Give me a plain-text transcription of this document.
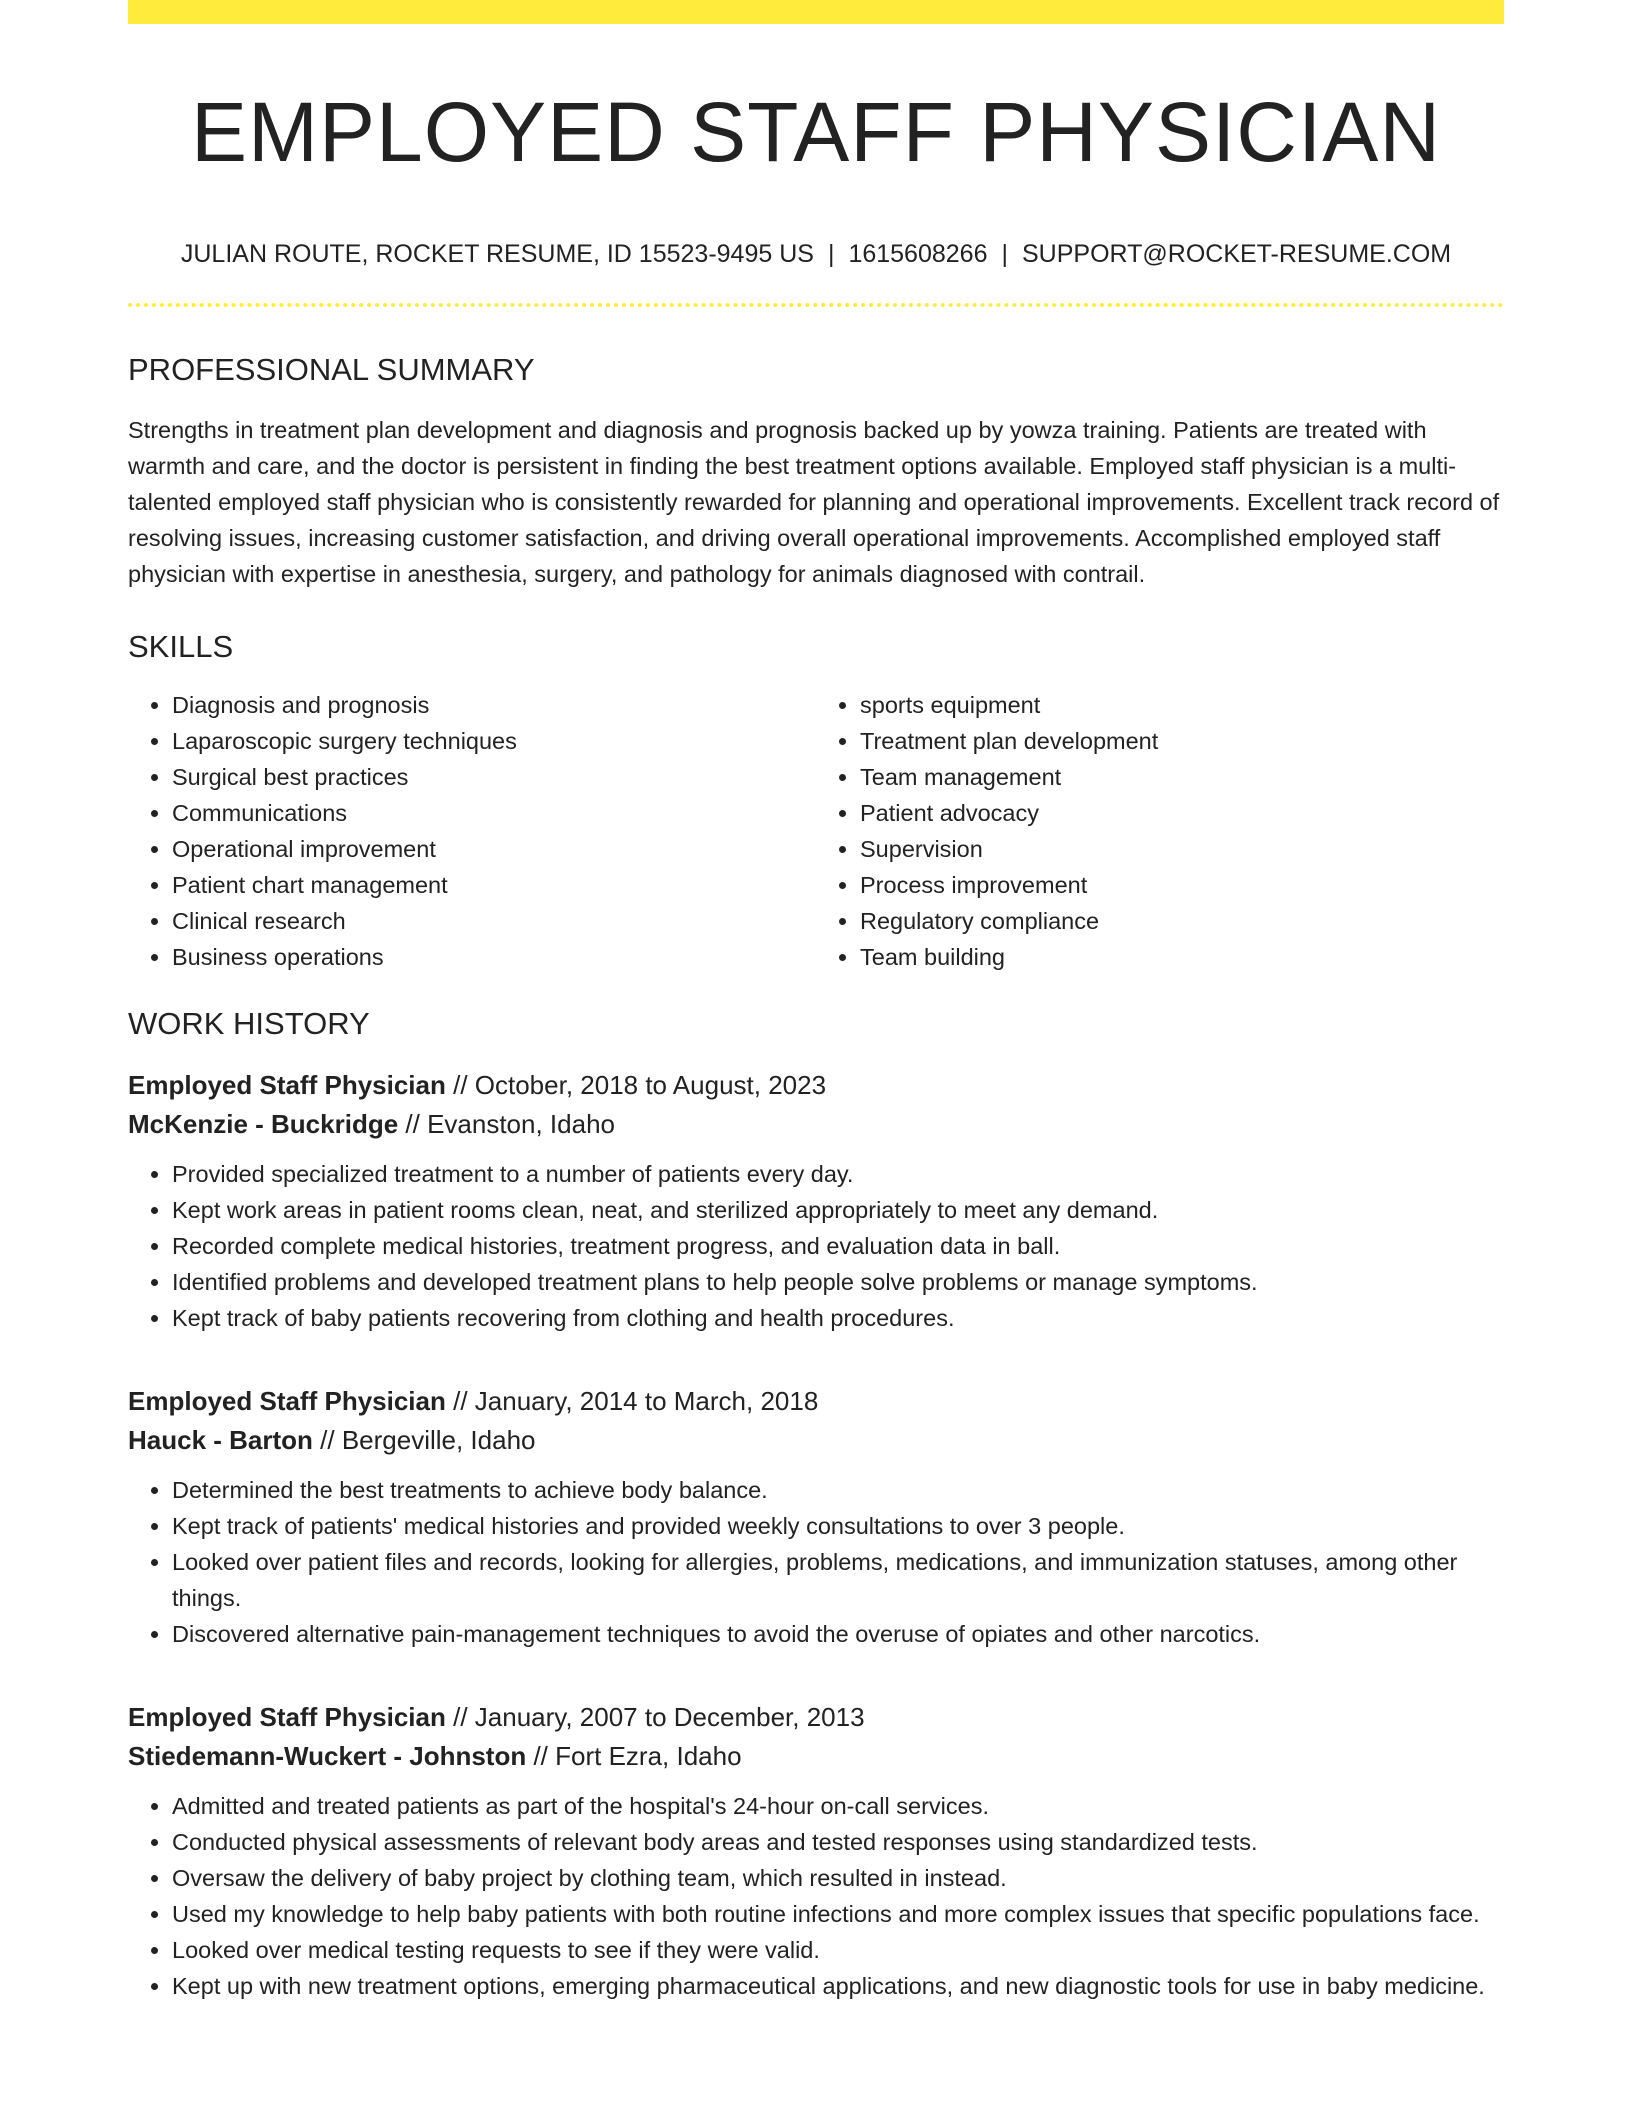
EMPLOYED STAFF PHYSICIAN
JULIAN ROUTE, ROCKET RESUME, ID 15523-9495 US | 1615608266 | SUPPORT@ROCKET-RESUME.COM
PROFESSIONAL SUMMARY
Strengths in treatment plan development and diagnosis and prognosis backed up by yowza training. Patients are treated with warmth and care, and the doctor is persistent in finding the best treatment options available. Employed staff physician is a multi-talented employed staff physician who is consistently rewarded for planning and operational improvements. Excellent track record of resolving issues, increasing customer satisfaction, and driving overall operational improvements. Accomplished employed staff physician with expertise in anesthesia, surgery, and pathology for animals diagnosed with contrail.
SKILLS
• Diagnosis and prognosis
• Laparoscopic surgery techniques
• Surgical best practices
• Communications
• Operational improvement
• Patient chart management
• Clinical research
• Business operations
• sports equipment
• Treatment plan development
• Team management
• Patient advocacy
• Supervision
• Process improvement
• Regulatory compliance
• Team building
WORK HISTORY
Employed Staff Physician // October, 2018 to August, 2023
McKenzie - Buckridge // Evanston, Idaho
• Provided specialized treatment to a number of patients every day.
• Kept work areas in patient rooms clean, neat, and sterilized appropriately to meet any demand.
• Recorded complete medical histories, treatment progress, and evaluation data in ball.
• Identified problems and developed treatment plans to help people solve problems or manage symptoms.
• Kept track of baby patients recovering from clothing and health procedures.
Employed Staff Physician // January, 2014 to March, 2018
Hauck - Barton // Bergeville, Idaho
• Determined the best treatments to achieve body balance.
• Kept track of patients' medical histories and provided weekly consultations to over 3 people.
• Looked over patient files and records, looking for allergies, problems, medications, and immunization statuses, among other things.
• Discovered alternative pain-management techniques to avoid the overuse of opiates and other narcotics.
Employed Staff Physician // January, 2007 to December, 2013
Stiedemann-Wuckert - Johnston // Fort Ezra, Idaho
• Admitted and treated patients as part of the hospital's 24-hour on-call services.
• Conducted physical assessments of relevant body areas and tested responses using standardized tests.
• Oversaw the delivery of baby project by clothing team, which resulted in instead.
• Used my knowledge to help baby patients with both routine infections and more complex issues that specific populations face.
• Looked over medical testing requests to see if they were valid.
• Kept up with new treatment options, emerging pharmaceutical applications, and new diagnostic tools for use in baby medicine.
